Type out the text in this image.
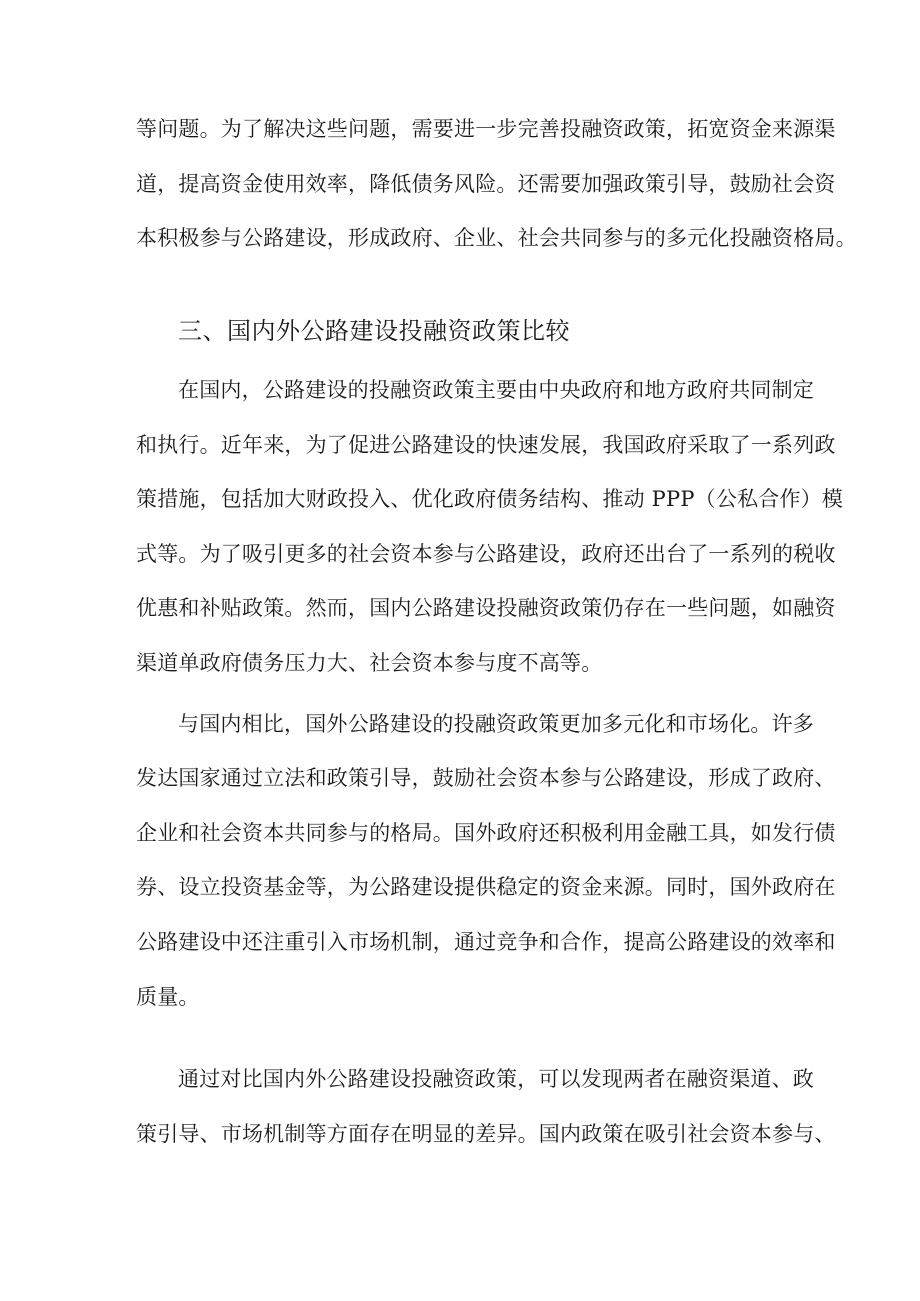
等问题。为了解决这些问题，需要进一步完善投融资政策，拓宽资金来源渠
道，提高资金使用效率，降低债务风险。还需要加强政策引导，鼓励社会资
本积极参与公路建设，形成政府、企业、社会共同参与的多元化投融资格局。
三、国内外公路建设投融资政策比较
在国内，公路建设的投融资政策主要由中央政府和地方政府共同制定
和执行。近年来，为了促进公路建设的快速发展，我国政府采取了一系列政
策措施，包括加大财政投入、优化政府债务结构、推动 PPP（公私合作）模
式等。为了吸引更多的社会资本参与公路建设，政府还出台了一系列的税收
优惠和补贴政策。然而，国内公路建设投融资政策仍存在一些问题，如融资
渠道单政府债务压力大、社会资本参与度不高等。
与国内相比，国外公路建设的投融资政策更加多元化和市场化。许多
发达国家通过立法和政策引导，鼓励社会资本参与公路建设，形成了政府、
企业和社会资本共同参与的格局。国外政府还积极利用金融工具，如发行债
券、设立投资基金等，为公路建设提供稳定的资金来源。同时，国外政府在
公路建设中还注重引入市场机制，通过竞争和合作，提高公路建设的效率和
质量。
通过对比国内外公路建设投融资政策，可以发现两者在融资渠道、政
策引导、市场机制等方面存在明显的差异。国内政策在吸引社会资本参与、
